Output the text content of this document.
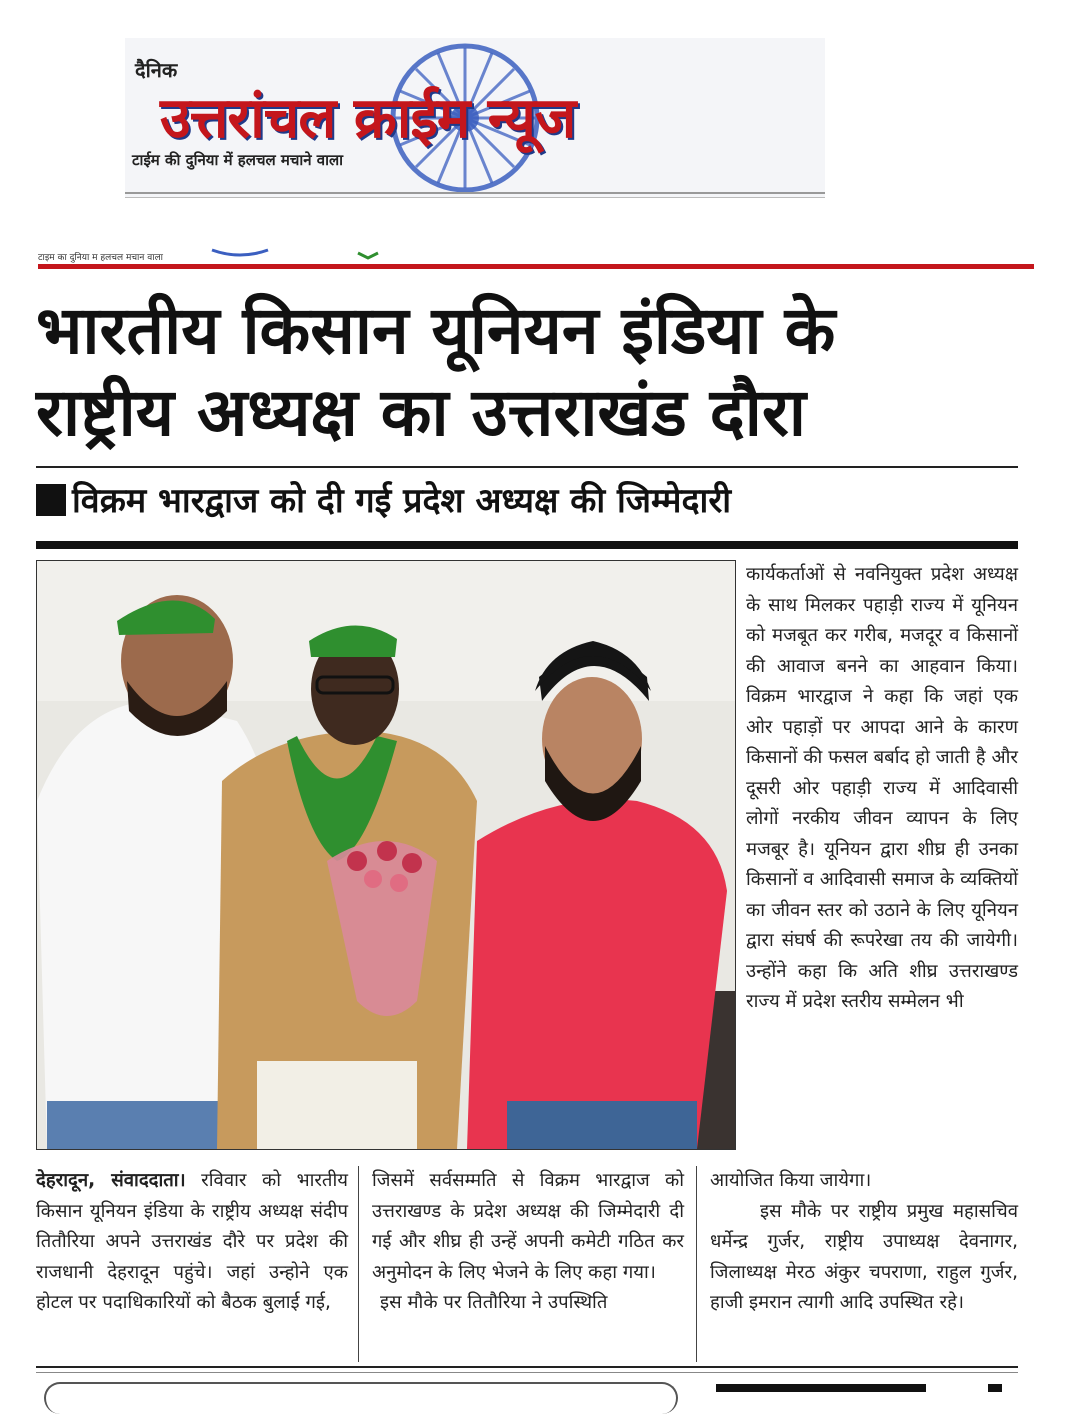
दैनिक
उत्तरांचल क्राईम न्यूज
टाईम की दुनिया में हलचल मचाने वाला
टाइम का दुनिया म हलचल मचान वाला
भारतीय किसान यूनियन इंडिया के
राष्ट्रीय अध्यक्ष का उत्तराखंड दौरा
विक्रम भारद्वाज को दी गई प्रदेश अध्यक्ष की जिम्मेदारी
कार्यकर्ताओं से नवनियुक्त प्रदेश अध्यक्ष के साथ मिलकर पहाड़ी राज्य में यूनियन को मजबूत कर गरीब, मजदूर व किसानों की आवाज बनने का आहवान किया। विक्रम भारद्वाज ने कहा कि जहां एक ओर पहाड़ों पर आपदा आने के कारण किसानों की फसल बर्बाद हो जाती है और दूसरी ओर पहाड़ी राज्य में आदिवासी लोगों नरकीय जीवन व्यापन के लिए मजबूर है। यूनियन द्वारा शीघ्र ही उनका किसानों व आदिवासी समाज के व्यक्तियों का जीवन स्तर को उठाने के लिए यूनियन द्वारा संघर्ष की रूपरेखा तय की जायेगी। उन्होंने कहा कि अति शीघ्र उत्तराखण्ड राज्य में प्रदेश स्तरीय सम्मेलन भी
देहरादून, संवाददाता। रविवार को भारतीय किसान यूनियन इंडिया के राष्ट्रीय अध्यक्ष संदीप तितौरिया अपने उत्तराखंड दौरे पर प्रदेश की राजधानी देहरादून पहुंचे। जहां उन्होने एक होटल पर पदाधिकारियों को बैठक बुलाई गई,
जिसमें सर्वसम्मति से विक्रम भारद्वाज को उत्तराखण्ड के प्रदेश अध्यक्ष की जिम्मेदारी दी गई और शीघ्र ही उन्हें अपनी कमेटी गठित कर अनुमोदन के लिए भेजने के लिए कहा गया।
इस मौके पर तितौरिया ने उपस्थिति
आयोजित किया जायेगा।
इस मौके पर राष्ट्रीय प्रमुख महासचिव धर्मेन्द्र गुर्जर, राष्ट्रीय उपाध्यक्ष देवनागर, जिलाध्यक्ष मेरठ अंकुर चपराणा, राहुल गुर्जर, हाजी इमरान त्यागी आदि उपस्थित रहे।
